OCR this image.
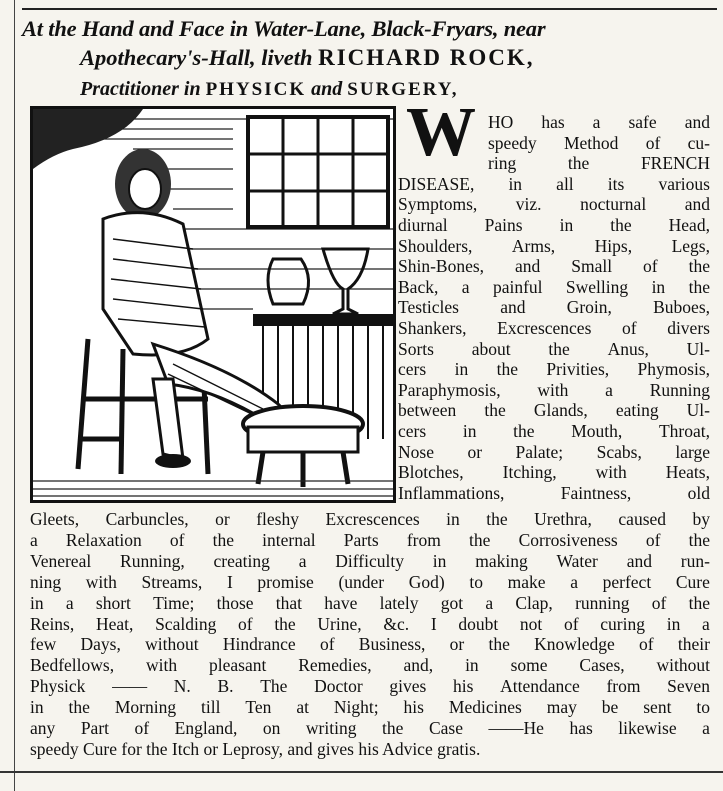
At the Hand and Face in Water-Lane, Black-Fryars, near
Apothecary's-Hall, liveth RICHARD ROCK,
Practitioner in PHYSICK and SURGERY,
W HO has a safe and
speedy Method of cu-
ring	the	FRENCH
DISEASE, in all its various
Symptoms, viz. nocturnal and
diurnal Pains in the Head,
Shoulders, Arms, Hips, Legs,
Shin-Bones, and Small of the
Back, a painful Swelling in the
Testicles and Groin, Buboes,
Shankers, Excrescences of divers
Sorts about the Anus, Ul-
cers in the Privities, Phymosis,
Paraphymosis, with a Running
between the Glands, eating Ul-
cers in the Mouth, Throat,
Nose or Palate; Scabs, large
Blotches, Itching, with Heats,
Inflammations,	Faintness,	old
Gleets, Carbuncles, or fleshy Excrescences in the Urethra, caused by
a Relaxation of the internal Parts from the Corrosiveness of the
Venereal Running, creating a Difficulty in making Water and run-
ning with Streams, I promise (under God) to make a perfect Cure
in a short Time; those that have lately got a Clap, running of the
Reins, Heat, Scalding of the Urine, &c. I doubt not of curing in a
few Days, without Hindrance of Business, or the Knowledge of their
Bedfellows, with pleasant Remedies, and, in some Cases, without
Physick —— N. B. The Doctor gives his Attendance from Seven
in the Morning till Ten at Night; his Medicines may be sent to
any Part of England, on writing the Case ——He has likewise a
speedy Cure for the Itch or Leprosy, and gives his Advice gratis.
